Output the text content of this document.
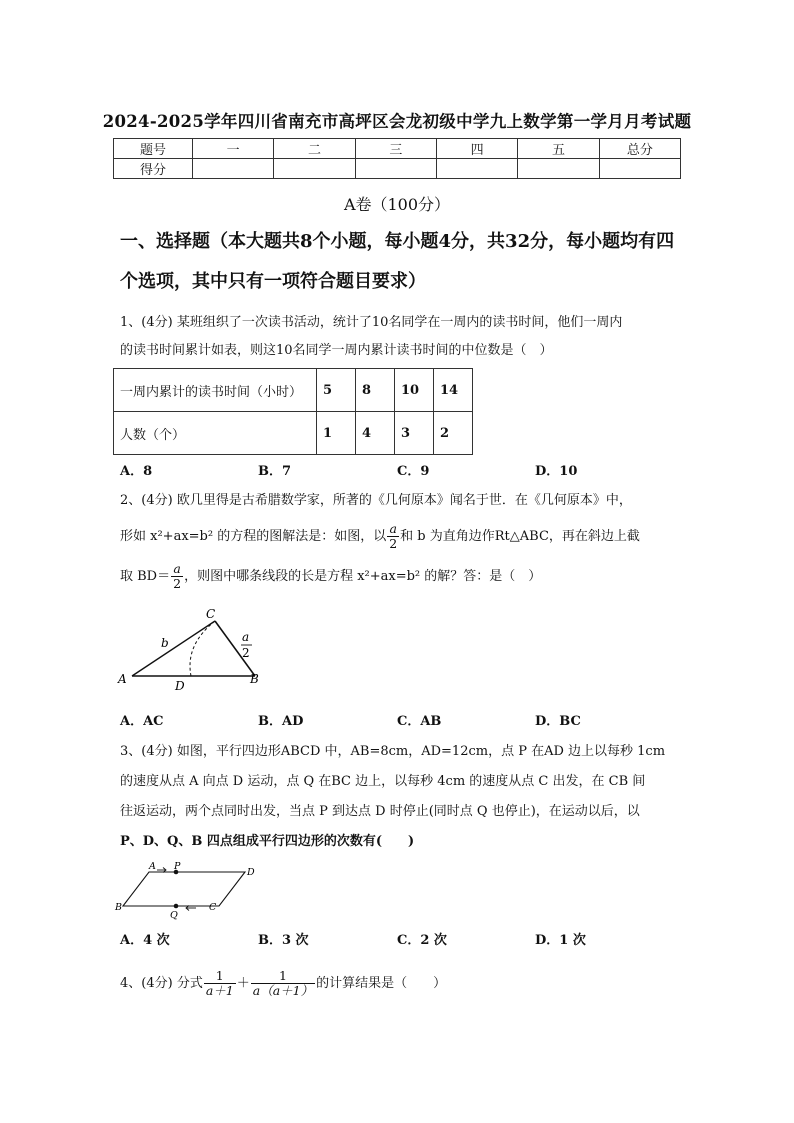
2024-2025学年四川省南充市高坪区会龙初级中学九上数学第一学月月考试题
题号	一	二	三	四	五	总分
得分						
A卷（100分）
一、选择题（本大题共8个小题，每小题4分，共32分，每小题均有四个选项，其中只有一项符合题目要求）
1、(4分) 某班组织了一次读书活动，统计了10名同学在一周内的读书时间，他们一周内
的读书时间累计如表，则这10名同学一周内累计读书时间的中位数是（　）
一周内累计的读书时间（小时）	5	8	10	14
人数（个）	1	4	3	2
A．8	B．7	C．9	D．10
2、(4分) 欧几里得是古希腊数学家，所著的《几何原本》闻名于世．在《几何原本》中，
形如 x²+ax=b² 的方程的图解法是：如图，以 $\frac{a}{2}$ 和 b 为直角边作Rt△ABC，再在斜边上截
取 $BD= \frac{a}{2}$ ，则图中哪条线段的长是方程 x²+ax=b² 的解？答：是（　）
A	B
C
D
b	a
2
A．AC	B．AD	C．AB	D．BC
3、(4分) 如图，平行四边形ABCD 中，AB=8cm，AD=12cm，点 P 在AD 边上以每秒 1cm
的速度从点 A 向点 D 运动，点 Q 在BC 边上，以每秒 4cm 的速度从点 C 出发，在 CB 间
往返运动，两个点同时出发，当点 P 到达点 D 时停止(同时点 Q 也停止)，在运动以后，以
P、D、Q、B 四点组成平行四边形的次数有(　　)
A P
D
B
Q
C
A．4 次	B．3 次	C．2 次	D．1 次
4、(4分) 分式 $\frac{1}{a+1} + \frac{1}{a(a+1)}$ 的计算结果是（　　）
